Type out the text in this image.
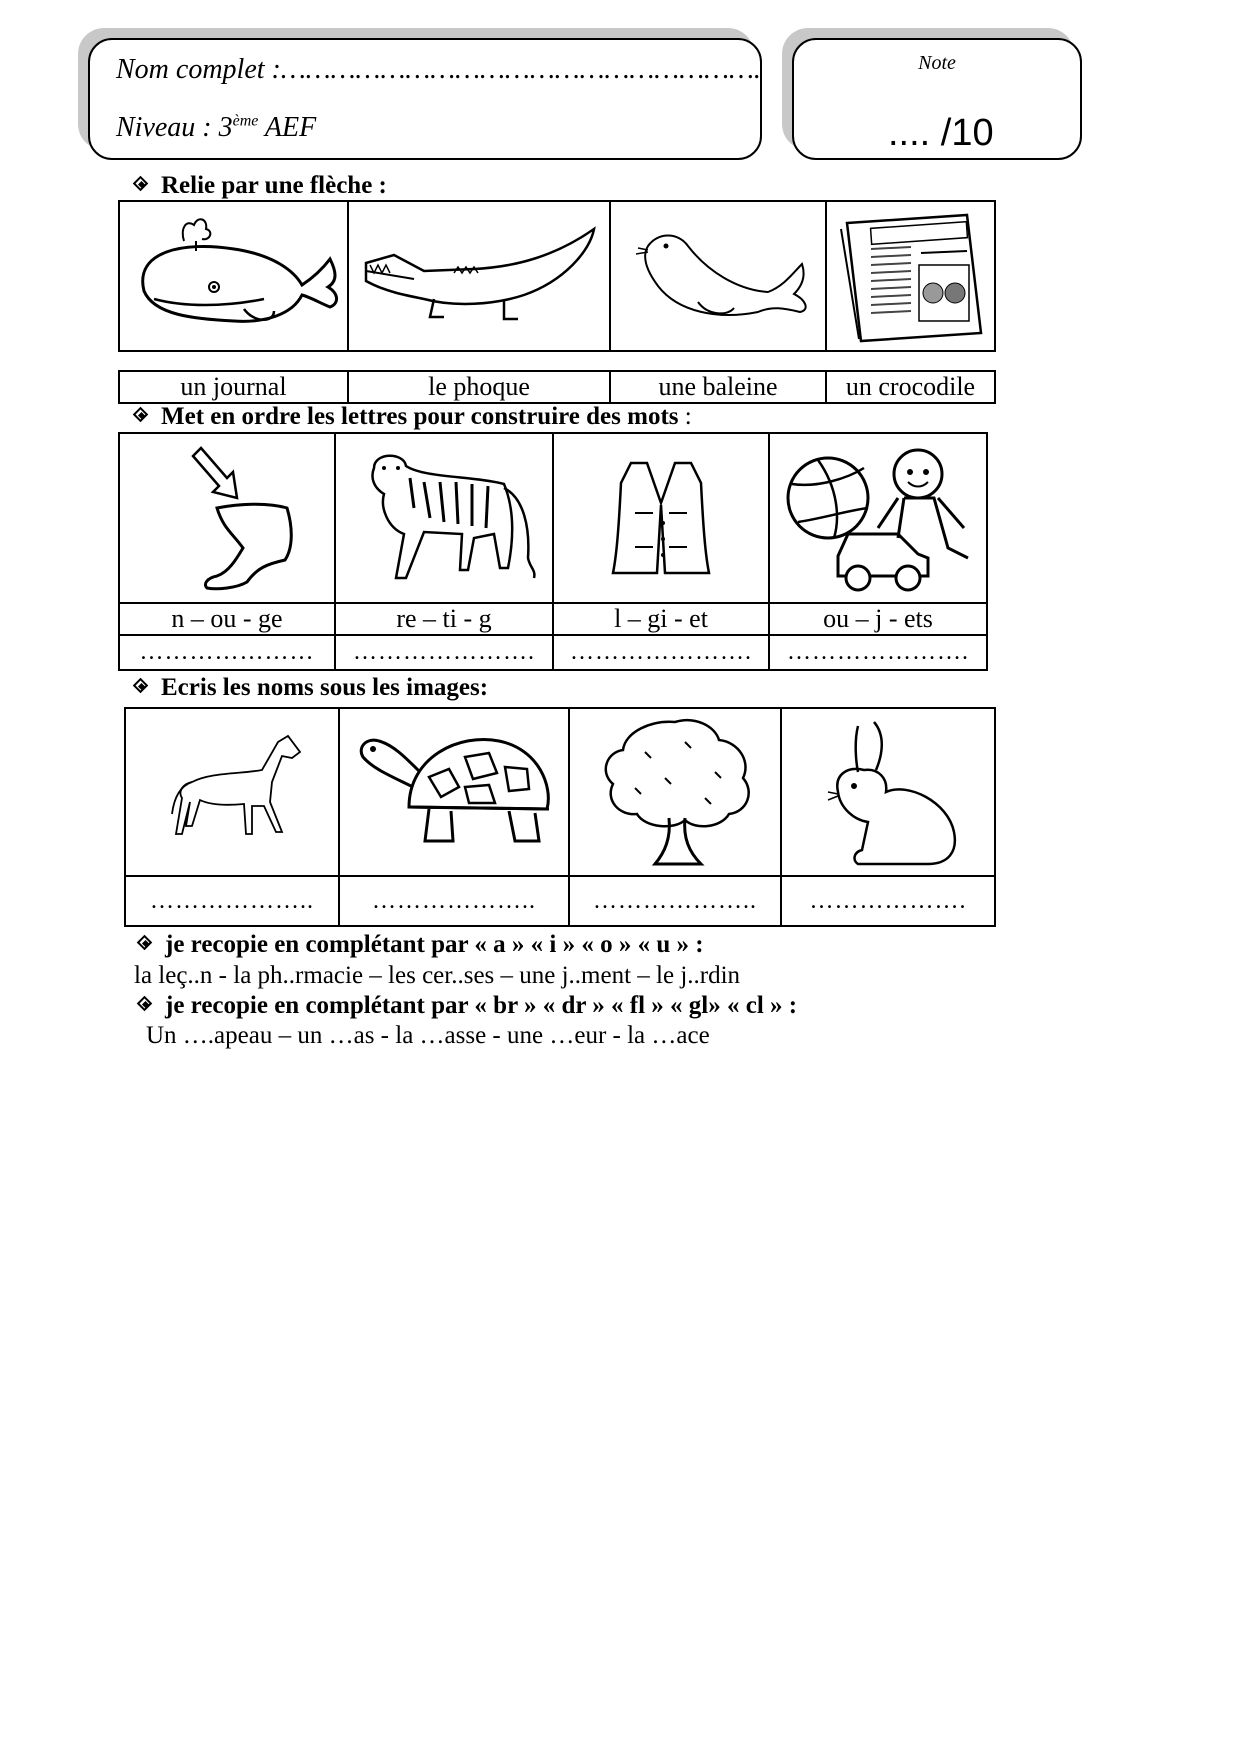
Nom complet :………………………………………………….
Niveau : 3ème AEF
Note
.... /10
Relie par une flèche :

un journal	le phoque	une baleine	un crocodile
Met en ordre les lettres pour construire des mots :

n – ou - ge	re – ti - g	l – gi - et	ou – j - ets
…………………	………………….	………………….	………………….
Ecris les noms sous les images:

………………..	………………..	………………..	……………….
je recopie en complétant par « a » « i » « o » « u » :
la leç..n - la ph..rmacie – les cer..ses – une j..ment – le j..rdin
je recopie en complétant par « br » « dr » « fl » « gl» « cl » :
Un ….apeau – un …as - la …asse - une …eur - la …ace
